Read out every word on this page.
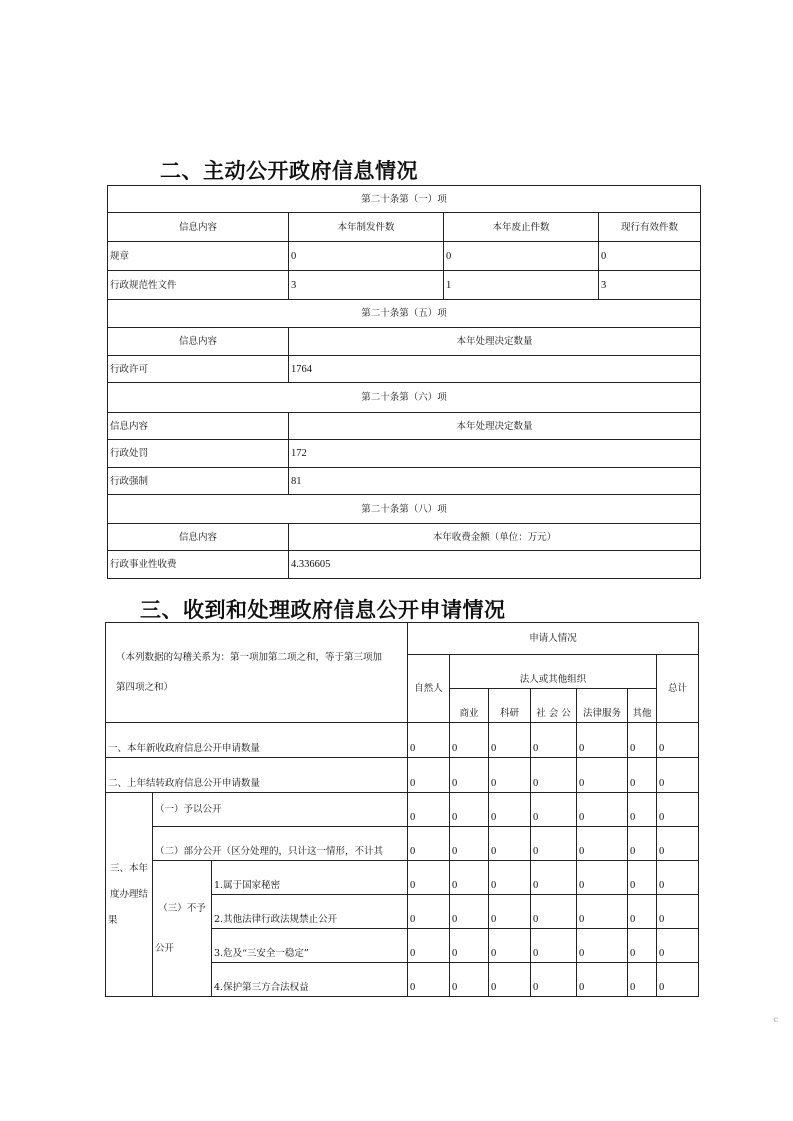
二、主动公开政府信息情况
第二十条第（一）项			
信息内容	本年制发件数	本年废止件数	现行有效件数
规章	0	0	0
行政规范性文件	3	1	3
第二十条第（五）项			
信息内容	本年处理决定数量		
行政许可	1764		
第二十条第（六）项			
信息内容	本年处理决定数量		
行政处罚	172		
行政强制	81		
第二十条第（八）项			
信息内容	本年收费金额（单位：万元）		
行政事业性收费	4.336605		
三、收到和处理政府信息公开申请情况
（本列数据的勾稽关系为：第一项加第二项之和，等于第三项加
第四项之和）			申请人情况						
			自然人	法人或其他组织					总计
				商业	科研	社 会 公	法律服务	其他	
一、本年新收政府信息公开申请数量			0	0	0	0	0	0	0
二、上年结转政府信息公开申请数量			0	0	0	0	0	0	0

三、本年
度办理结
果	（一）予以公开		0	0	0	0	0	0	0
	（二）部分公开（区分处理的，只计这一情形，不计其		0	0	0	0	0	0	0

	（三）不予
公开	1.属于国家秘密	0	0	0	0	0	0	0
		2.其他法律行政法规禁止公开	0	0	0	0	0	0	0
		3.危及“三安全一稳定”	0	0	0	0	0	0	0
		4.保护第三方合法权益	0	0	0	0	0	0	0
c
